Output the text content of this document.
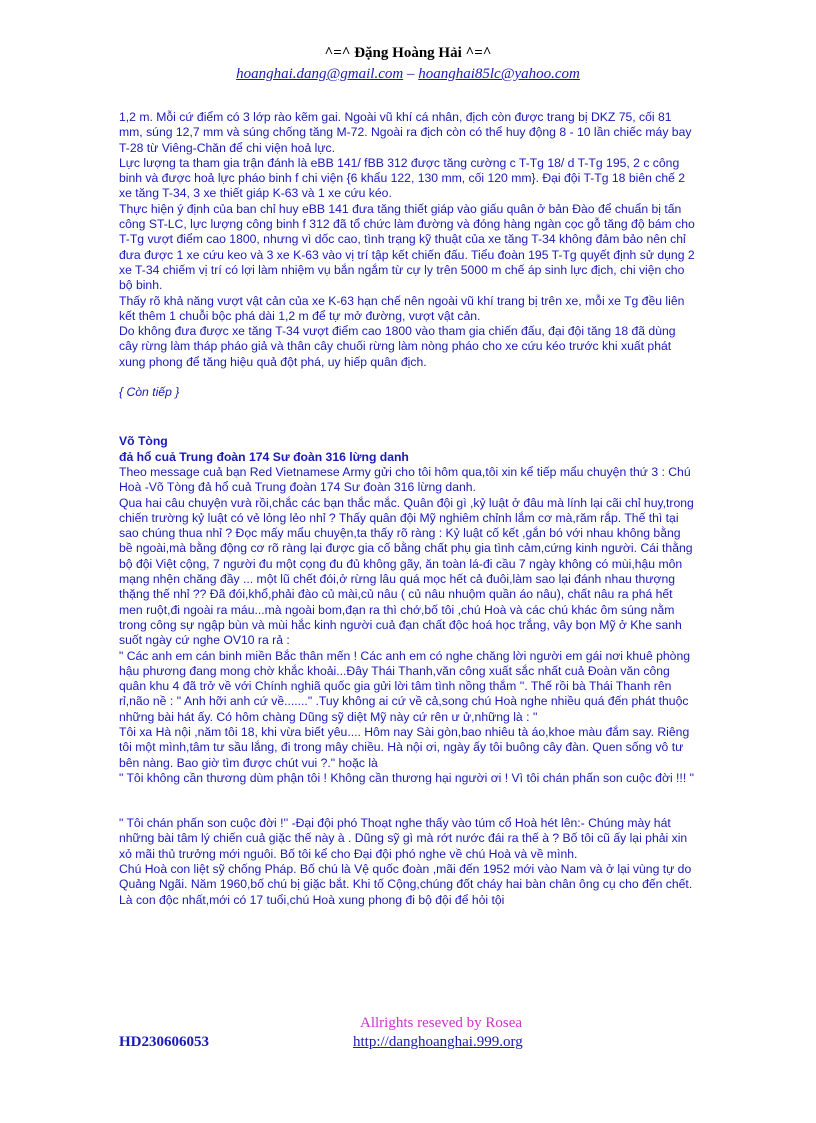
^=^ Đặng Hoàng Hải ^=^
hoanghai.dang@gmail.com – hoanghai85lc@yahoo.com

1,2 m. Mỗi cứ điểm có 3 lớp rào kẽm gai. Ngoài vũ khí cá nhân, địch còn được trang bị DKZ 75, cối 81 mm, súng 12,7 mm và súng chống tăng M-72. Ngoài ra địch còn có thể huy động 8 - 10 lần chiếc máy bay T-28 từ Viêng-Chăn để chi viện hoả lực.

Lực lượng ta tham gia trận đánh là eBB 141/ fBB 312 được tăng cường c T-Tg 18/ d T-Tg 195, 2 c công binh và được hoả lực pháo binh f chi viện {6 khẩu 122, 130 mm, cối 120 mm}. Đại đội T-Tg 18 biên chế 2 xe tăng T-34, 3 xe thiết giáp K-63 và 1 xe cứu kéo.

Thực hiện ý định của ban chỉ huy eBB 141 đưa tăng thiết giáp vào giấu quân ở bản Đào để chuẩn bị tấn công ST-LC, lực lượng công binh f 312 đã tổ chức làm đường và đóng hàng ngàn cọc gỗ tăng độ bám cho T-Tg vượt điểm cao 1800, nhưng vì dốc cao, tình trạng kỹ thuật của xe tăng T-34 không đảm bảo nên chỉ đưa được 1 xe cứu keo và 3 xe K-63 vào vị trí tập kết chiến đấu. Tiểu đoàn 195 T-Tg quyết định sử dụng 2 xe T-34 chiếm vị trí có lợi làm nhiệm vụ bắn ngắm từ cự ly trên 5000 m chế áp sinh lực địch, chi viện cho bộ binh.

Thấy rõ khả năng vượt vật cản của xe K-63 hạn chế nên ngoài vũ khí trang bị trên xe, mỗi xe Tg đều liên kết thêm 1 chuỗi bộc phá dài 1,2 m để tự mở đường, vượt vật cản.

Do không đưa được xe tăng T-34 vượt điểm cao 1800 vào tham gia chiến đấu, đại đội tăng 18 đã dùng cây rừng làm tháp pháo giả và thân cây chuối rừng làm nòng pháo cho xe cứu kéo trước khi xuất phát xung phong để tăng hiệu quả đột phá, uy hiếp quân địch.

{ Còn tiếp }

Võ Tòng

đả hổ cuả Trung đoàn 174 Sư đoàn 316 lừng danh

Theo message cuả bạn Red Vietnamese Army gửi cho tôi hôm qua,tôi xin kể tiếp mẩu chuyện thứ 3 : Chú Hoà -Võ Tòng đả hổ cuả Trung đoàn 174 Sư đoàn 316 lừng danh.

Qua hai câu chuyện vưà rồi,chắc các bạn thắc mắc. Quân đội gì ,kỷ luật ở đâu mà lính lại cãi chỉ huy,trong chiến trường kỷ luật có vẻ lỏng lẻo nhỉ ? Thấy quân đội Mỹ nghiêm chỉnh lắm cơ mà,răm rắp. Thế thì tại sao chúng thua nhỉ ? Đọc mấy mẩu chuyện,ta thấy rõ ràng : Kỷ luật cố kết ,gắn bó với nhau không bằng bề ngoài,mà bằng động cơ rõ ràng lại được gia cố bằng chất phụ gia tình cảm,cứng kinh người. Cái thằng bộ đội Việt cộng, 7 người đu một cọng đu đủ không gãy, ăn toàn lá-đi cầu 7 ngày không có mùi,hậu môn mạng nhện chăng đầy ... một lũ chết đói,ở rừng lâu quá mọc hết cả đuôi,làm sao lại đánh nhau thượng thặng thế nhỉ ?? Đã đói,khổ,phải đào củ mài,củ nâu ( củ nâu nhuộm quần áo nâu), chất nâu ra phá hết men ruột,đi ngoài ra máu...mà ngoài bom,đạn ra thì chớ,bố tôi ,chú Hoà và các chú khác ôm súng nằm trong công sự ngập bùn và mùi hắc kinh người cuả đạn chất độc hoá học trắng, vây bọn Mỹ ở Khe sanh suốt ngày cứ nghe OV10 ra rả :

" Các anh em cán binh miền Bắc thân mến ! Các anh em có nghe chăng lời người em gái nơi khuê phòng hậu phương đang mong chờ khắc khoải...Đây Thái Thanh,văn công xuất sắc nhất cuả Đoàn văn công quân khu 4 đã trở về với Chính nghiã quốc gia gửi lời tâm tình nồng thắm ''. Thế rồi bà Thái Thanh rên rỉ,não nề : '' Anh hỡi anh cứ về......." .Tuy không ai cứ về cả,song chú Hoà nghe nhiều quá đến phát thuộc những bài hát ấy. Có hôm chàng Dũng sỹ diệt Mỹ này cứ rên ư ử,những là : ''

Tôi xa Hà nội ,năm tôi 18, khi vừa biết yêu.... Hôm nay Sài gòn,bao nhiêu tà áo,khoe màu đắm say. Riêng tôi một mình,tâm tư sầu lắng, đi trong mây chiều. Hà nội ơi, ngày ấy tôi buông cây đàn. Quen sống vô tư bên nàng. Bao giờ tìm được chút vui ?." hoặc là

" Tôi không cần thương dùm phận tôi ! Không cần thương hại người ơi ! Vì tôi chán phấn son cuộc đời !!! "

" Tôi chán phấn son cuộc đời !'' -Đại đội phó Thoạt nghe thấy vào túm cổ Hoà hét lên:- Chúng mày hát những bài tâm lý chiến cuả giặc thế này à . Dũng sỹ gì mà rớt nước đái ra thế à ? Bố tôi cũ ấy lại phải xin xỏ mãi thủ trưởng mới nguôi. Bố tôi kể cho Đại đội phó nghe về chú Hoà và về mình.

Chú Hoà con liệt sỹ chống Pháp. Bố chú là Vệ quốc đoàn ,mãi đến 1952 mới vào Nam và ở lại vùng tự do Quảng Ngãi. Năm 1960,bố chú bị giặc bắt. Khi tố Cộng,chúng đốt cháy hai bàn chân ông cụ cho đến chết. Là con độc nhất,mới có 17 tuổi,chú Hoà xung phong đi bộ đội để hỏi tội

Allrights reseved by Rosea
HD230606053	http://danghoanghai.999.org
